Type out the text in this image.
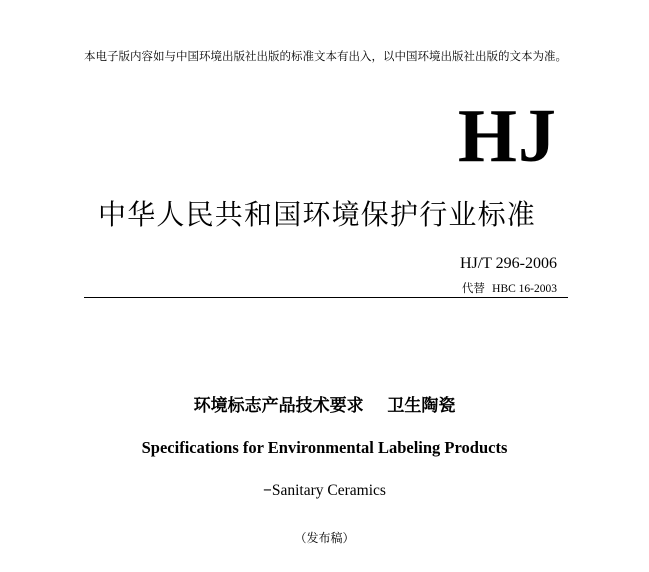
本电子版内容如与中国环境出版社出版的标准文本有出入，以中国环境出版社出版的文本为准。
HJ
中华人民共和国环境保护行业标准
HJ/T 296-2006
代替 HBC 16-2003
环境标志产品技术要求    卫生陶瓷
Specifications for Environmental Labeling Products
−Sanitary Ceramics
（发布稿）
